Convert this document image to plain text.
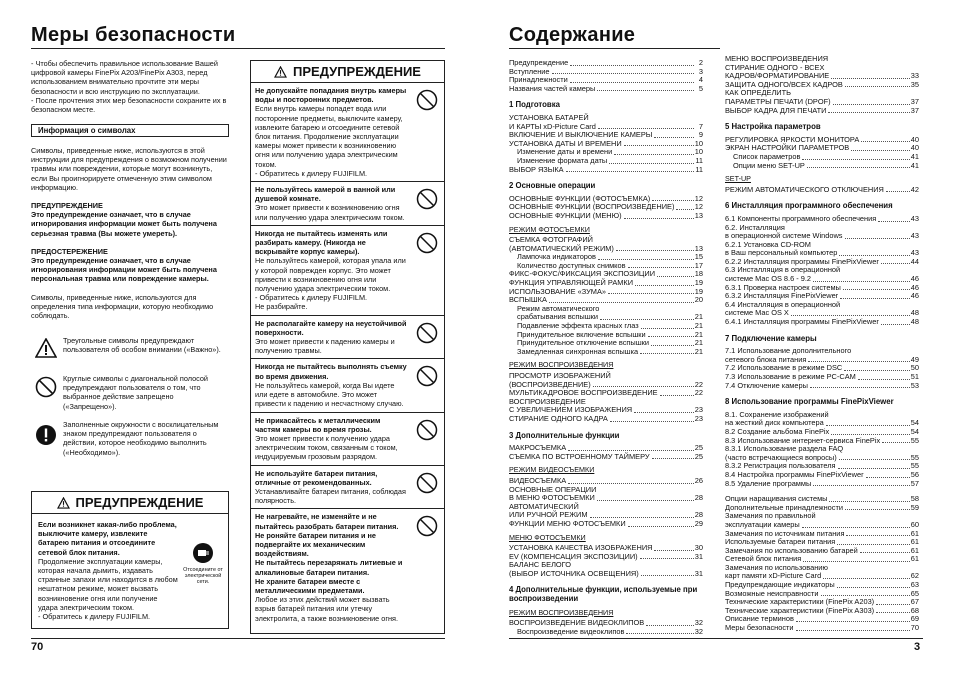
Меры безопасности

- Чтобы обеспечить правильное использование Вашей цифровой камеры FinePix A203/FinePix A303, перед использованием внимательно прочтите эти меры безопасности и всю инструкцию по эксплуатации.

- После прочтения этих мер безопасности сохраните их в безопасном месте.

Информация о символах

Символы, приведенные ниже, используются в этой инструкции для предупреждения о возможном получении травмы или повреждении, которые могут возникнуть, если Вы проигнорируете отмеченную этим символом информацию.

ПРЕДУПРЕЖДЕНИЕ

Это предупреждение означает, что в случае игнорирования информации может быть получена серьезная травма (Вы можете умереть).

ПРЕДОСТЕРЕЖЕНИЕ

Это предупреждение означает, что в случае игнорирования информации может быть получена персональная травма или повреждение камеры.

Символы, приведенные ниже, используются для определения типа информации, которую необходимо соблюдать.

Треугольные символы предупреждают пользователя об особом внимании («Важно»).

Круглые символы с диагональной полосой предупреждают пользователя о том, что выбранное действие запрещено («Запрещено»).

Заполненные окружности с восклицательным знаком предупреждают пользователя о действии, которое необходимо выполнить («Необходимо»).

ПРЕДУПРЕЖДЕНИЕ

Если возникнет какая-либо проблема, выключите камеру, извлеките батарею питания и отсоедините сетевой блок питания.

Продолжение эксплуатации камеры, которая начала дымить, издавать странные запахи или находится в любом нештатном режиме, может вызвать возникновение огня или получение удара электрическим током.

- Обратитесь к дилеру FUJIFILM.

Отсоедините от электрической сети.

70
ПРЕДУПРЕЖДЕНИЕ

Не допускайте попадания внутрь камеры воды и посторонних предметов.

Если внутрь камеры попадет вода или посторонние предметы, выключите камеру, извлеките батарею и отсоедините сетевой блок питания. Продолжение эксплуатации камеры может привести к возникновению огня или получению удара электрическим током.

- Обратитесь к дилеру FUJIFILM.

Не пользуйтесь камерой в ванной или душевой комнате.

Это может привести к возникновению огня или получению удара электрическим током.

Никогда не пытайтесь изменять или разбирать камеру. (Никогда не вскрывайте корпус камеры).

Не пользуйтесь камерой, которая упала или у которой поврежден корпус. Это может привести к возникновению огня или получению удара электрическим током.

- Обратитесь к дилеру FUJIFILM.
Не разбирайте.

Не располагайте камеру на неустойчивой поверхности.

Это может привести к падению камеры и получению травмы.

Никогда не пытайтесь выполнять съемку во время движения.

Не пользуйтесь камерой, когда Вы идете или едете в автомобиле. Это может привести к падению и несчастному случаю.

Не прикасайтесь к металлическим частям камеры во время грозы.

Это может привести к получению удара электрическим током, связанным с током, индуцируемым грозовым разрядом.

Не используйте батареи питания, отличные от рекомендованных.

Устанавливайте батареи питания, соблюдая полярность.

Не нагревайте, не изменяйте и не пытайтесь разобрать батареи питания.
Не роняйте батареи питания и не подвергайте их механическим воздействиям.
Не пытайтесь перезаряжать литиевые и алкалиновые батареи питания.
Не храните батареи вместе с металлическими предметами.

Любое из этих действий может вызвать взрыв батарей питания или утечку электролита, а также возникновение огня.

Содержание
Предупреждение	2
Вступление	3
Принадлежности	4
Названия частей камеры	5
1 Подготовка
УСТАНОВКА БАТАРЕЙ
И КАРТЫ xD-Picture Card	7
ВКЛЮЧЕНИЕ И ВЫКЛЮЧЕНИЕ КАМЕРЫ	9
УСТАНОВКА ДАТЫ И ВРЕМЕНИ	10
Изменение даты и времени	10
Изменение формата даты	11
ВЫБОР ЯЗЫКА	11
2 Основные операции
ОСНОВНЫЕ ФУНКЦИИ (ФОТОСЪЕМКА)	12
ОСНОВНЫЕ ФУНКЦИИ (ВОСПРОИЗВЕДЕНИЕ)	12
ОСНОВНЫЕ ФУНКЦИИ (МЕНЮ)	13
РЕЖИМ ФОТОСЪЕМКИ
СЪЕМКА ФОТОГРАФИЙ
(АВТОМАТИЧЕСКИЙ РЕЖИМ)	13
Лампочка индикаторов	15
Количество доступных снимков	17
ФИКС-ФОКУС/ФИКСАЦИЯ ЭКСПОЗИЦИИ	18
ФУНКЦИЯ УПРАВЛЯЮЩЕЙ РАМКИ	19
ИСПОЛЬЗОВАНИЕ «ЗУМА»	19
ВСПЫШКА	20
Режим автоматического
срабатывания вспышки	21
Подавление эффекта красных глаз	21
Принудительное включение вспышки	21
Принудительное отключение вспышки	21
Замедленная синхронная вспышка	21
РЕЖИМ ВОСПРОИЗВЕДЕНИЯ
ПРОСМОТР ИЗОБРАЖЕНИЙ
(ВОСПРОИЗВЕДЕНИЕ)	22
МУЛЬТИКАДРОВОЕ ВОСПРОИЗВЕДЕНИЕ	22
ВОСПРОИЗВЕДЕНИЕ
С УВЕЛИЧЕНИЕМ ИЗОБРАЖЕНИЯ	23
СТИРАНИЕ ОДНОГО КАДРА	23
3 Дополнительные функции
МАКРОСЪЕМКА	25
СЪЕМКА ПО ВСТРОЕННОМУ ТАЙМЕРУ	25
РЕЖИМ ВИДЕОСЪЕМКИ
ВИДЕОСЪЕМКА	26
ОСНОВНЫЕ ОПЕРАЦИИ
В МЕНЮ ФОТОСЪЕМКИ	28
АВТОМАТИЧЕСКИЙ
ИЛИ РУЧНОЙ РЕЖИМ	28
ФУНКЦИИ МЕНЮ ФОТОСЪЕМКИ	29
МЕНЮ ФОТОСЪЕМКИ
УСТАНОВКА КАЧЕСТВА ИЗОБРАЖЕНИЯ	30
EV (КОМПЕНСАЦИЯ ЭКСПОЗИЦИИ)	31
БАЛАНС БЕЛОГО
(ВЫБОР ИСТОЧНИКА ОСВЕЩЕНИЯ)	31
4 Дополнительные функции, используемые при воспроизведении
РЕЖИМ ВОСПРОИЗВЕДЕНИЯ
ВОСПРОИЗВЕДЕНИЕ ВИДЕОКЛИПОВ	32
Воспроизведение видеоклипов	32
МЕНЮ ВОСПРОИЗВЕДЕНИЯ
СТИРАНИЕ ОДНОГО - ВСЕХ
КАДРОВ/ФОРМАТИРОВАНИЕ	33
ЗАЩИТА ОДНОГО/ВСЕХ КАДРОВ	35
КАК ОПРЕДЕЛИТЬ
ПАРАМЕТРЫ ПЕЧАТИ (DPOF)	37
ВЫБОР КАДРА ДЛЯ ПЕЧАТИ	37
5 Настройка параметров
РЕГУЛИРОВКА ЯРКОСТИ МОНИТОРА	40
ЭКРАН НАСТРОЙКИ ПАРАМЕТРОВ	40
Список параметров	41
Опции меню SET-UP	41
SET-UP
РЕЖИМ АВТОМАТИЧЕСКОГО ОТКЛЮЧЕНИЯ	42
6 Инсталляция программного обеспечения
6.1 Компоненты программного обеспечения	43
6.2. Инсталляция
в операционной системе Windows	43
6.2.1 Установка CD-ROM
в Ваш персональный компьютер	43
6.2.2 Инсталляция программы FinePixViewer	44
6.3 Инсталляция в операционной
системе Mac OS 8.6 - 9.2	46
6.3.1 Проверка настроек системы	46
6.3.2 Инсталляция FinePixViewer	46
6.4 Инсталляция в операционной
системе Mac OS X	48
6.4.1 Инсталляция программы FinePixViewer	48
7 Подключение камеры
7.1 Использование дополнительного
сетевого блока питания	49
7.2 Использование в режиме DSC	50
7.3 Использование в режиме PC-CAM	51
7.4 Отключение камеры	53
8 Использование программы FinePixViewer
8.1. Сохранение изображений
на жесткий диск компьютера	54
8.2 Создание альбома FinePix	54
8.3 Использование интернет-сервиса FinePix	55
8.3.1 Использование раздела FAQ
(часто встречающиеся вопросы)	55
8.3.2 Регистрация пользователя	55
8.4 Настройка программы FinePixViewer	56
8.5 Удаление программы	57
Опции наращивания системы	58
Дополнительные принадлежности	59
Замечания по правильной
эксплуатации камеры	60
Замечания по источникам питания	61
Используемые батареи питания	61
Замечания по использованию батарей	61
Сетевой блок питания	61
Замечания по использованию
карт памяти xD-Picture Card	62
Предупреждающие индикаторы	63
Возможные неисправности	65
Технические характеристики (FinePix A203)	67
Технические характеристики (FinePix A303)	68
Описание терминов	69
Меры безопасности	70
3
